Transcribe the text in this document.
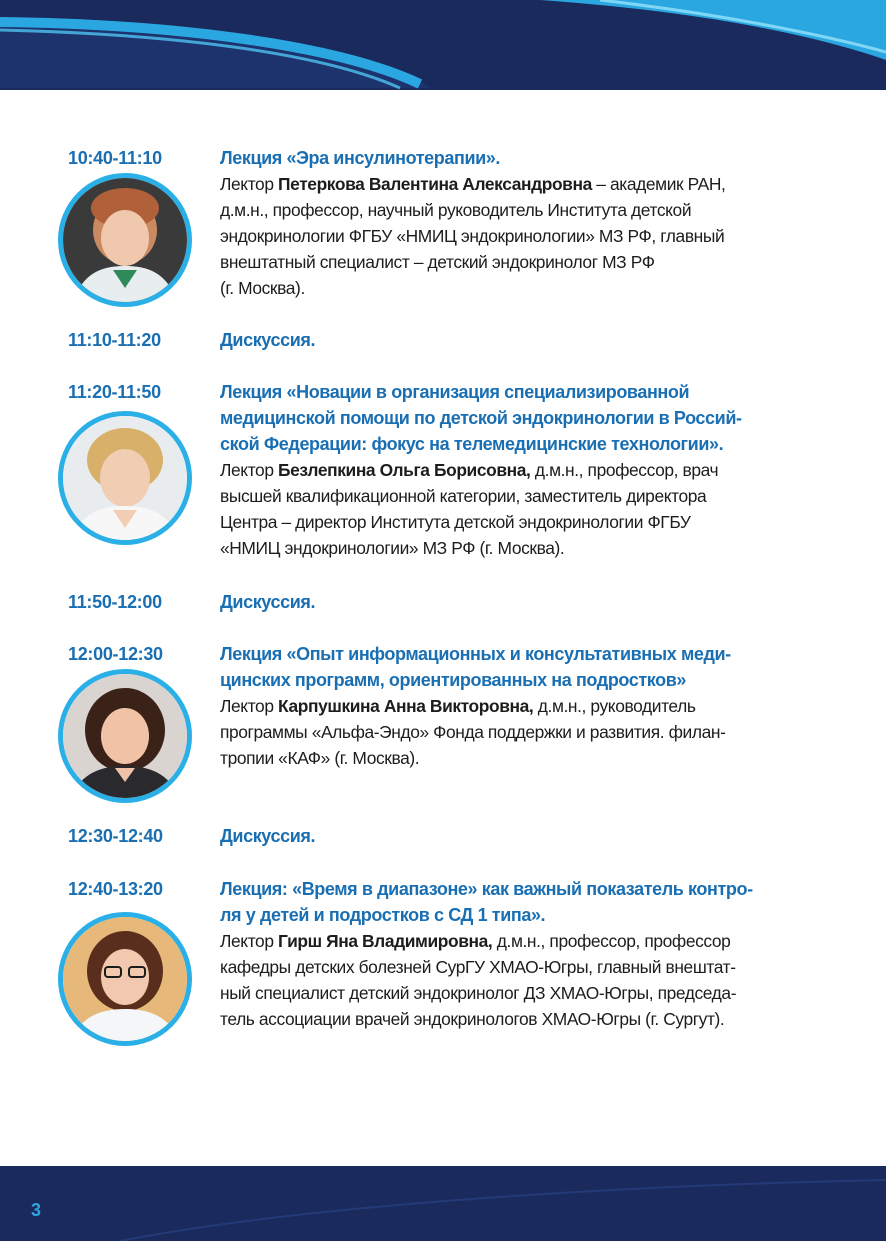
10:40-11:10	Лекция «Эра инсулинотерапии».

Лектор Петеркова Валентина Александровна – академик РАН,
д.м.н., профессор, научный руководитель Института детской
эндокринологии ФГБУ «НМИЦ эндокринологии» МЗ РФ, главный
внештатный специалист – детский эндокринолог МЗ РФ
(г. Москва).

11:10-11:20	Дискуссия.

11:20-11:50	Лекция «Новации в организация специализированной
медицинской помощи по детской эндокринологии в Россий-
ской Федерации: фокус на телемедицинские технологии».

Лектор Безлепкина Ольга Борисовна, д.м.н., профессор, врач
высшей квалификационной категории, заместитель директора
Центра – директор Института детской эндокринологии ФГБУ
«НМИЦ эндокринологии» МЗ РФ (г. Москва).

11:50-12:00	Дискуссия.

12:00-12:30	Лекция «Опыт информационных и консультативных меди-
цинских программ, ориентированных на подростков»

Лектор Карпушкина Анна Викторовна, д.м.н., руководитель
программы «Альфа-Эндо» Фонда поддержки и развития. филан-
тропии «КАФ» (г. Москва).

12:30-12:40	Дискуссия.

12:40-13:20	Лекция: «Время в диапазоне» как важный показатель контро-
ля у детей и подростков с СД 1 типа».

Лектор Гирш Яна Владимировна, д.м.н., профессор, профессор
кафедры детских болезней СурГУ ХМАО-Югры, главный внештат-
ный специалист детский эндокринолог ДЗ ХМАО-Югры, председа-
тель ассоциации врачей эндокринологов ХМАО-Югры (г. Сургут).

3
